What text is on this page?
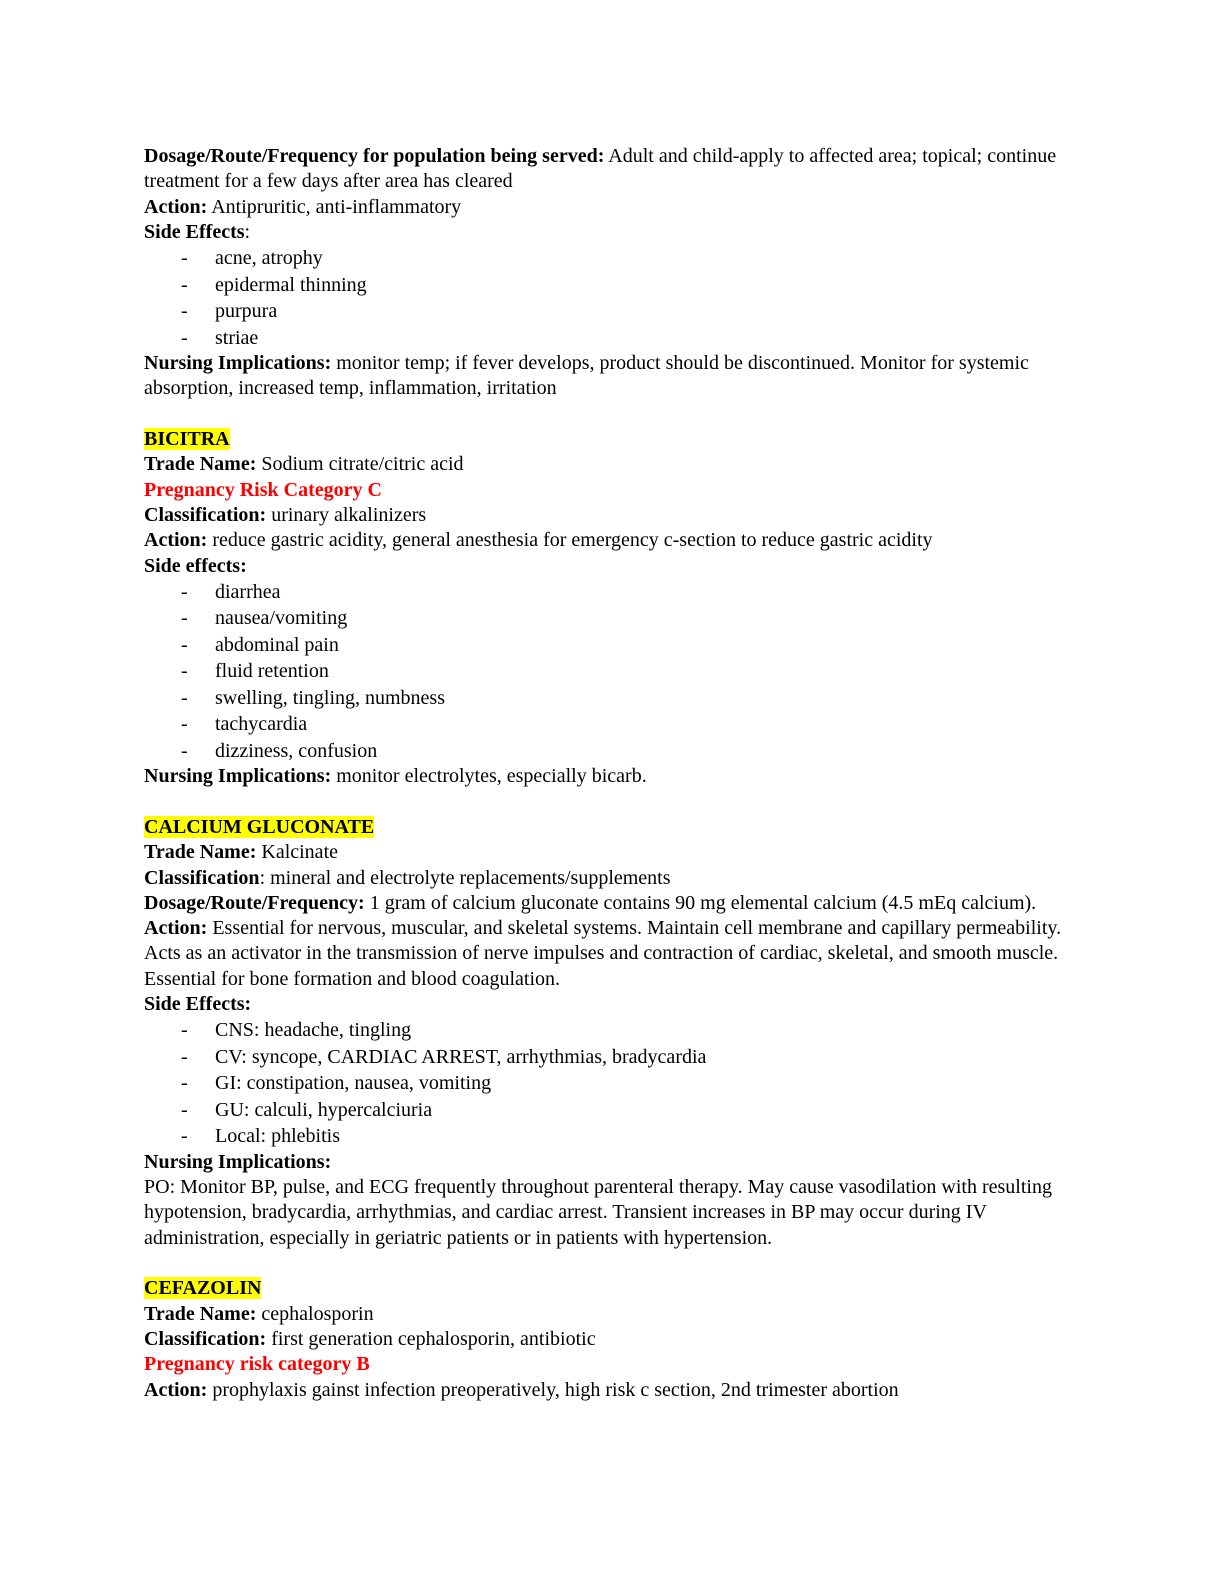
Dosage/Route/Frequency for population being served: Adult and child-apply to affected area; topical; continue treatment for a few days after area has cleared

Action: Antipruritic, anti-inflammatory

Side Effects:

- acne, atrophy
- epidermal thinning
- purpura
- striae

Nursing Implications: monitor temp; if fever develops, product should be discontinued. Monitor for systemic absorption, increased temp, inflammation, irritation

BICITRA

Trade Name: Sodium citrate/citric acid

Pregnancy Risk Category C

Classification: urinary alkalinizers

Action: reduce gastric acidity, general anesthesia for emergency c-section to reduce gastric acidity

Side effects:

- diarrhea
- nausea/vomiting
- abdominal pain
- fluid retention
- swelling, tingling, numbness
- tachycardia
- dizziness, confusion

Nursing Implications: monitor electrolytes, especially bicarb.

CALCIUM GLUCONATE

Trade Name: Kalcinate

Classification: mineral and electrolyte replacements/supplements

Dosage/Route/Frequency: 1 gram of calcium gluconate contains 90 mg elemental calcium (4.5 mEq calcium).

Action: Essential for nervous, muscular, and skeletal systems. Maintain cell membrane and capillary permeability. Acts as an activator in the transmission of nerve impulses and contraction of cardiac, skeletal, and smooth muscle. Essential for bone formation and blood coagulation.

Side Effects:

- CNS: headache, tingling
- CV: syncope, CARDIAC ARREST, arrhythmias, bradycardia
- GI: constipation, nausea, vomiting
- GU: calculi, hypercalciuria
- Local: phlebitis

Nursing Implications:

PO: Monitor BP, pulse, and ECG frequently throughout parenteral therapy. May cause vasodilation with resulting hypotension, bradycardia, arrhythmias, and cardiac arrest. Transient increases in BP may occur during IV administration, especially in geriatric patients or in patients with hypertension.

CEFAZOLIN

Trade Name: cephalosporin

Classification: first generation cephalosporin, antibiotic

Pregnancy risk category B

Action: prophylaxis gainst infection preoperatively, high risk c section, 2nd trimester abortion
